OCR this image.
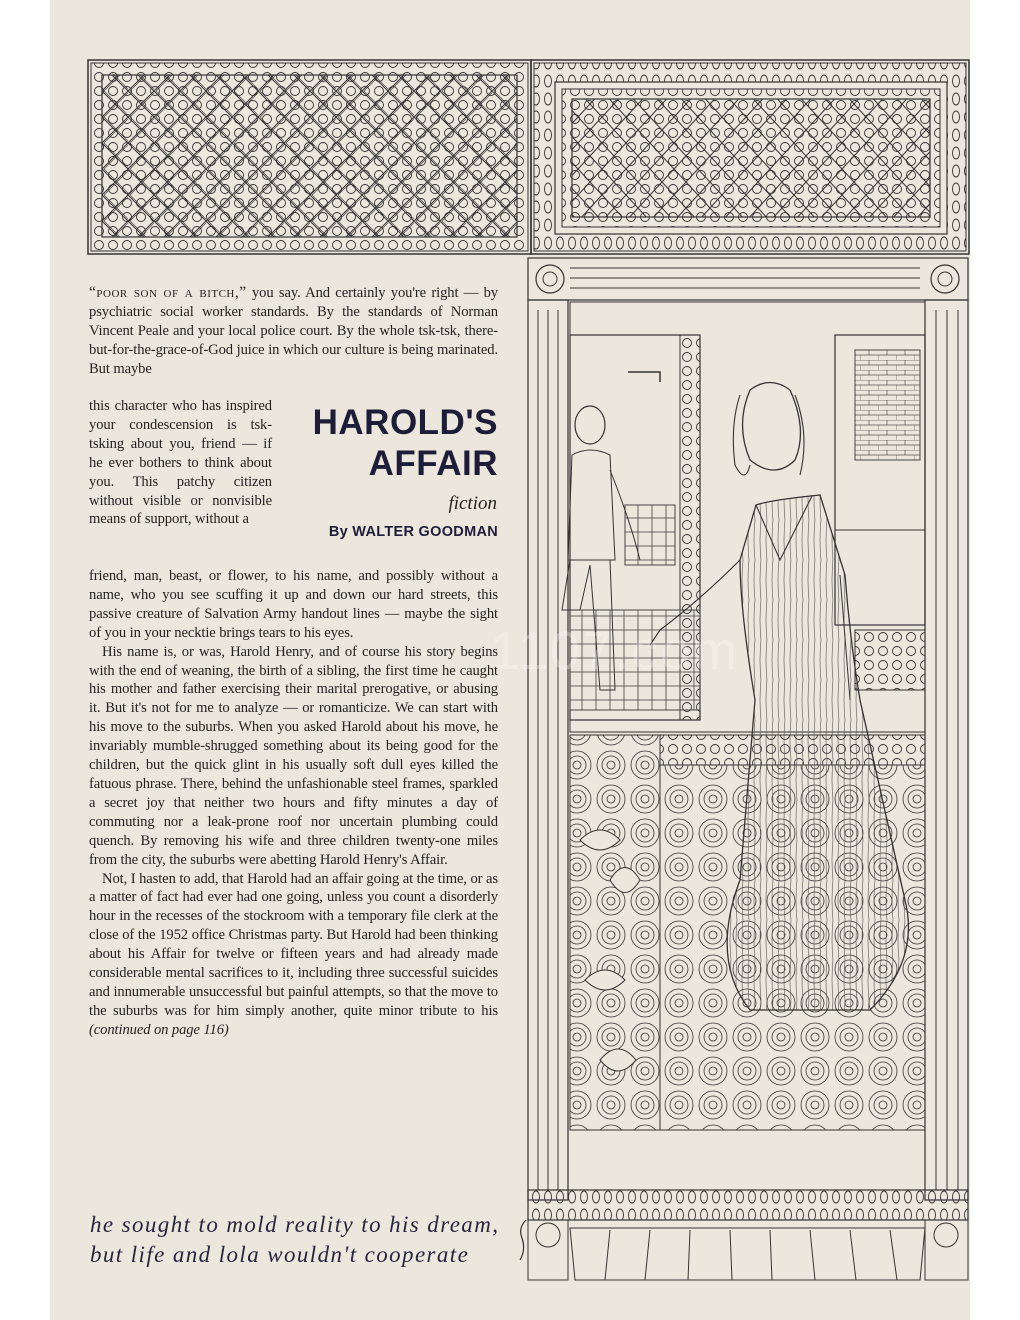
1107.com

“poor son of a bitch,” you say. And certainly you're right — by psychiatric social worker standards. By the standards of Norman Vincent Peale and your local police court. By the whole tsk-tsk, there-but-for-the-grace-of-God juice in which our culture is being marinated. But maybe

this character who has inspired your condescension is tsk-tsking about you, friend — if he ever bothers to think about you. This patchy citizen without visible or nonvisible means of support, without a

HAROLD'S
AFFAIR
fiction
By WALTER GOODMAN

friend, man, beast, or flower, to his name, and possibly without a name, who you see scuffing it up and down our hard streets, this passive creature of Salvation Army handout lines — maybe the sight of you in your necktie brings tears to his eyes.

His name is, or was, Harold Henry, and of course his story begins with the end of weaning, the birth of a sibling, the first time he caught his mother and father exercising their marital prerogative, or abusing it. But it's not for me to analyze — or romanticize. We can start with his move to the suburbs. When you asked Harold about his move, he invariably mumble-shrugged something about its being good for the children, but the quick glint in his usually soft dull eyes killed the fatuous phrase. There, behind the unfashionable steel frames, sparkled a secret joy that neither two hours and fifty minutes a day of commuting nor a leak-prone roof nor uncertain plumbing could quench. By removing his wife and three children twenty-one miles from the city, the suburbs were abetting Harold Henry's Affair.

Not, I hasten to add, that Harold had an affair going at the time, or as a matter of fact had ever had one going, unless you count a disorderly hour in the recesses of the stockroom with a temporary file clerk at the close of the 1952 office Christmas party. But Harold had been thinking about his Affair for twelve or fifteen years and had already made considerable mental sacrifices to it, including three successful suicides and innumerable unsuccessful but painful attempts, so that the move to the suburbs was for him simply another, quite minor tribute to his (continued on page 116)

he sought to mold reality to his dream,
but life and lola wouldn't cooperate
